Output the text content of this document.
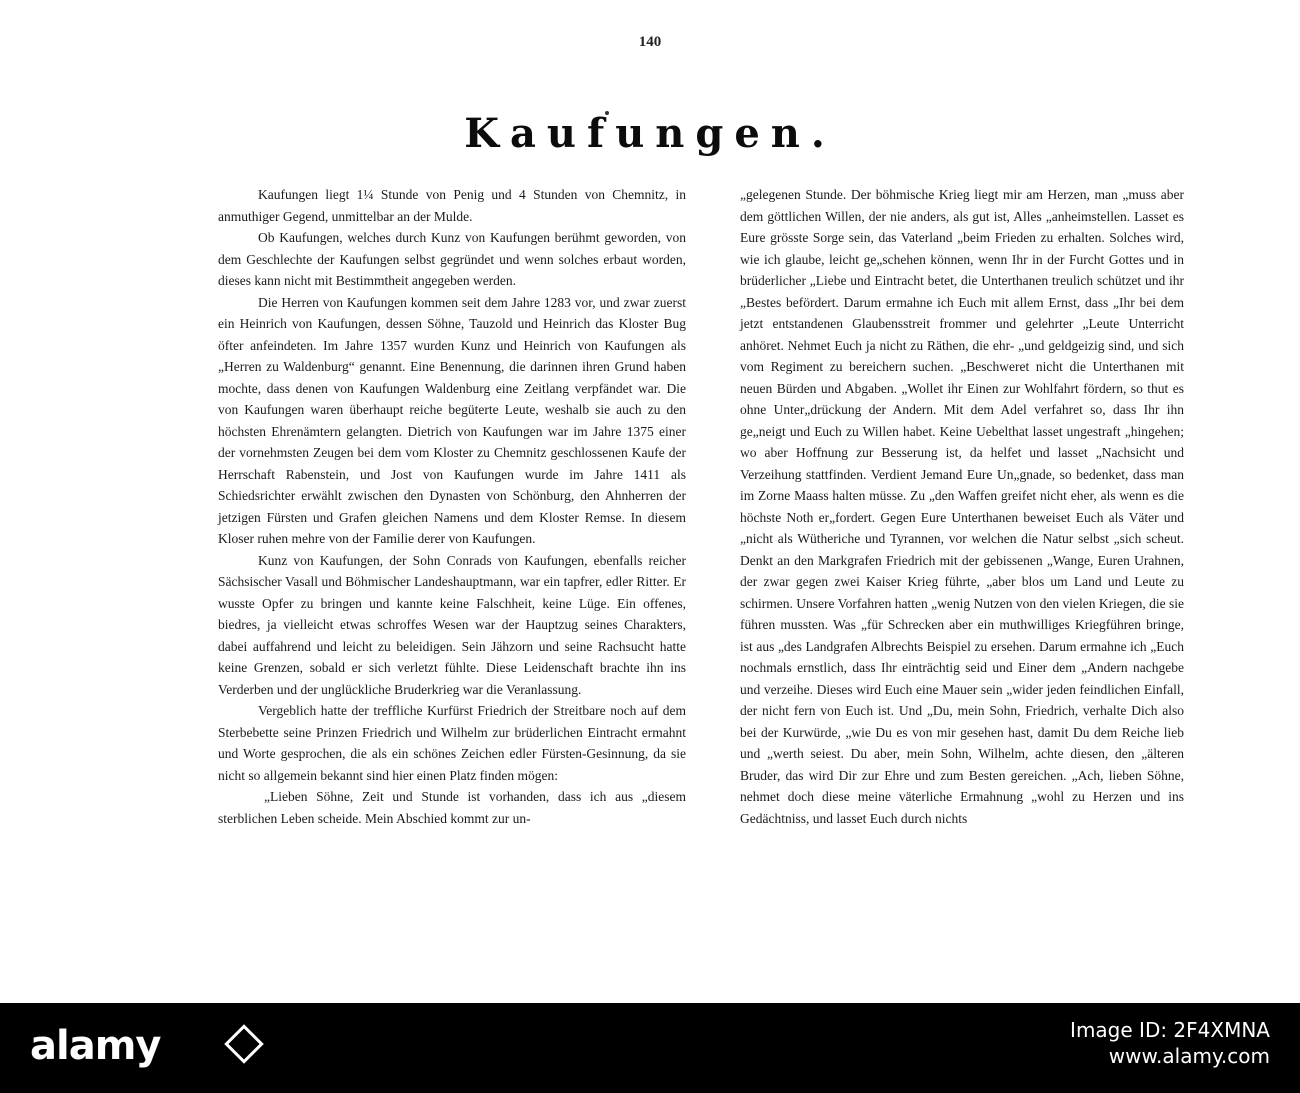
140
Kaufungen.

Kaufungen liegt 1¼ Stunde von Penig und 4 Stunden von Chemnitz, in anmuthiger Gegend, unmittelbar an der Mulde.

Ob Kaufungen, welches durch Kunz von Kaufungen berühmt geworden, von dem Geschlechte der Kaufungen selbst gegründet und wenn solches erbaut worden, dieses kann nicht mit Bestimmtheit angegeben werden.

Die Herren von Kaufungen kommen seit dem Jahre 1283 vor, und zwar zuerst ein Heinrich von Kaufungen, dessen Söhne, Tauzold und Heinrich das Kloster Bug öfter anfeindeten. Im Jahre 1357 wurden Kunz und Heinrich von Kaufungen als „Herren zu Waldenburg“ genannt. Eine Benennung, die darinnen ihren Grund haben mochte, dass denen von Kaufungen Waldenburg eine Zeitlang verpfändet war. Die von Kaufungen waren überhaupt reiche begüterte Leute, weshalb sie auch zu den höchsten Ehrenämtern gelangten. Dietrich von Kaufungen war im Jahre 1375 einer der vornehmsten Zeugen bei dem vom Kloster zu Chemnitz geschlossenen Kaufe der Herrschaft Rabenstein, und Jost von Kaufungen wurde im Jahre 1411 als Schiedsrichter erwählt zwischen den Dynasten von Schönburg, den Ahnherren der jetzigen Fürsten und Grafen gleichen Namens und dem Kloster Remse. In diesem Kloser ruhen mehre von der Familie derer von Kaufungen.

Kunz von Kaufungen, der Sohn Conrads von Kaufungen, ebenfalls reicher Sächsischer Vasall und Böhmischer Landeshauptmann, war ein tapfrer, edler Ritter. Er wusste Opfer zu bringen und kannte keine Falschheit, keine Lüge. Ein offenes, biedres, ja vielleicht etwas schroffes Wesen war der Hauptzug seines Charakters, dabei auffahrend und leicht zu beleidigen. Sein Jähzorn und seine Rachsucht hatte keine Grenzen, sobald er sich verletzt fühlte. Diese Leidenschaft brachte ihn ins Verderben und der unglückliche Bruderkrieg war die Veranlassung.

Vergeblich hatte der treffliche Kurfürst Friedrich der Streitbare noch auf dem Sterbebette seine Prinzen Friedrich und Wilhelm zur brüderlichen Eintracht ermahnt und Worte gesprochen, die als ein schönes Zeichen edler Fürsten-Gesinnung, da sie nicht so allgemein bekannt sind hier einen Platz finden mögen:

„Lieben Söhne, Zeit und Stunde ist vorhanden, dass ich aus „diesem sterblichen Leben scheide. Mein Abschied kommt zur un-

„gelegenen Stunde. Der böhmische Krieg liegt mir am Herzen, man „muss aber dem göttlichen Willen, der nie anders, als gut ist, Alles „anheimstellen. Lasset es Eure grösste Sorge sein, das Vaterland „beim Frieden zu erhalten. Solches wird, wie ich glaube, leicht ge„schehen können, wenn Ihr in der Furcht Gottes und in brüderlicher „Liebe und Eintracht betet, die Unterthanen treulich schützet und ihr „Bestes befördert. Darum ermahne ich Euch mit allem Ernst, dass „Ihr bei dem jetzt entstandenen Glaubensstreit frommer und gelehrter „Leute Unterricht anhöret. Nehmet Euch ja nicht zu Räthen, die ehr- „und geldgeizig sind, und sich vom Regiment zu bereichern suchen. „Beschweret nicht die Unterthanen mit neuen Bürden und Abgaben. „Wollet ihr Einen zur Wohlfahrt fördern, so thut es ohne Unter„drückung der Andern. Mit dem Adel verfahret so, dass Ihr ihn ge„neigt und Euch zu Willen habet. Keine Uebelthat lasset ungestraft „hingehen; wo aber Hoffnung zur Besserung ist, da helfet und lasset „Nachsicht und Verzeihung stattfinden. Verdient Jemand Eure Un„gnade, so bedenket, dass man im Zorne Maass halten müsse. Zu „den Waffen greifet nicht eher, als wenn es die höchste Noth er„fordert. Gegen Eure Unterthanen beweiset Euch als Väter und „nicht als Wütheriche und Tyrannen, vor welchen die Natur selbst „sich scheut. Denkt an den Markgrafen Friedrich mit der gebissenen „Wange, Euren Urahnen, der zwar gegen zwei Kaiser Krieg führte, „aber blos um Land und Leute zu schirmen. Unsere Vorfahren hatten „wenig Nutzen von den vielen Kriegen, die sie führen mussten. Was „für Schrecken aber ein muthwilliges Kriegführen bringe, ist aus „des Landgrafen Albrechts Beispiel zu ersehen. Darum ermahne ich „Euch nochmals ernstlich, dass Ihr einträchtig seid und Einer dem „Andern nachgebe und verzeihe. Dieses wird Euch eine Mauer sein „wider jeden feindlichen Einfall, der nicht fern von Euch ist. Und „Du, mein Sohn, Friedrich, verhalte Dich also bei der Kurwürde, „wie Du es von mir gesehen hast, damit Du dem Reiche lieb und „werth seiest. Du aber, mein Sohn, Wilhelm, achte diesen, den „älteren Bruder, das wird Dir zur Ehre und zum Besten gereichen. „Ach, lieben Söhne, nehmet doch diese meine väterliche Ermahnung „wohl zu Herzen und ins Gedächtniss, und lasset Euch durch nichts

alamy	Image ID: 2F4XMNA
www.alamy.com
